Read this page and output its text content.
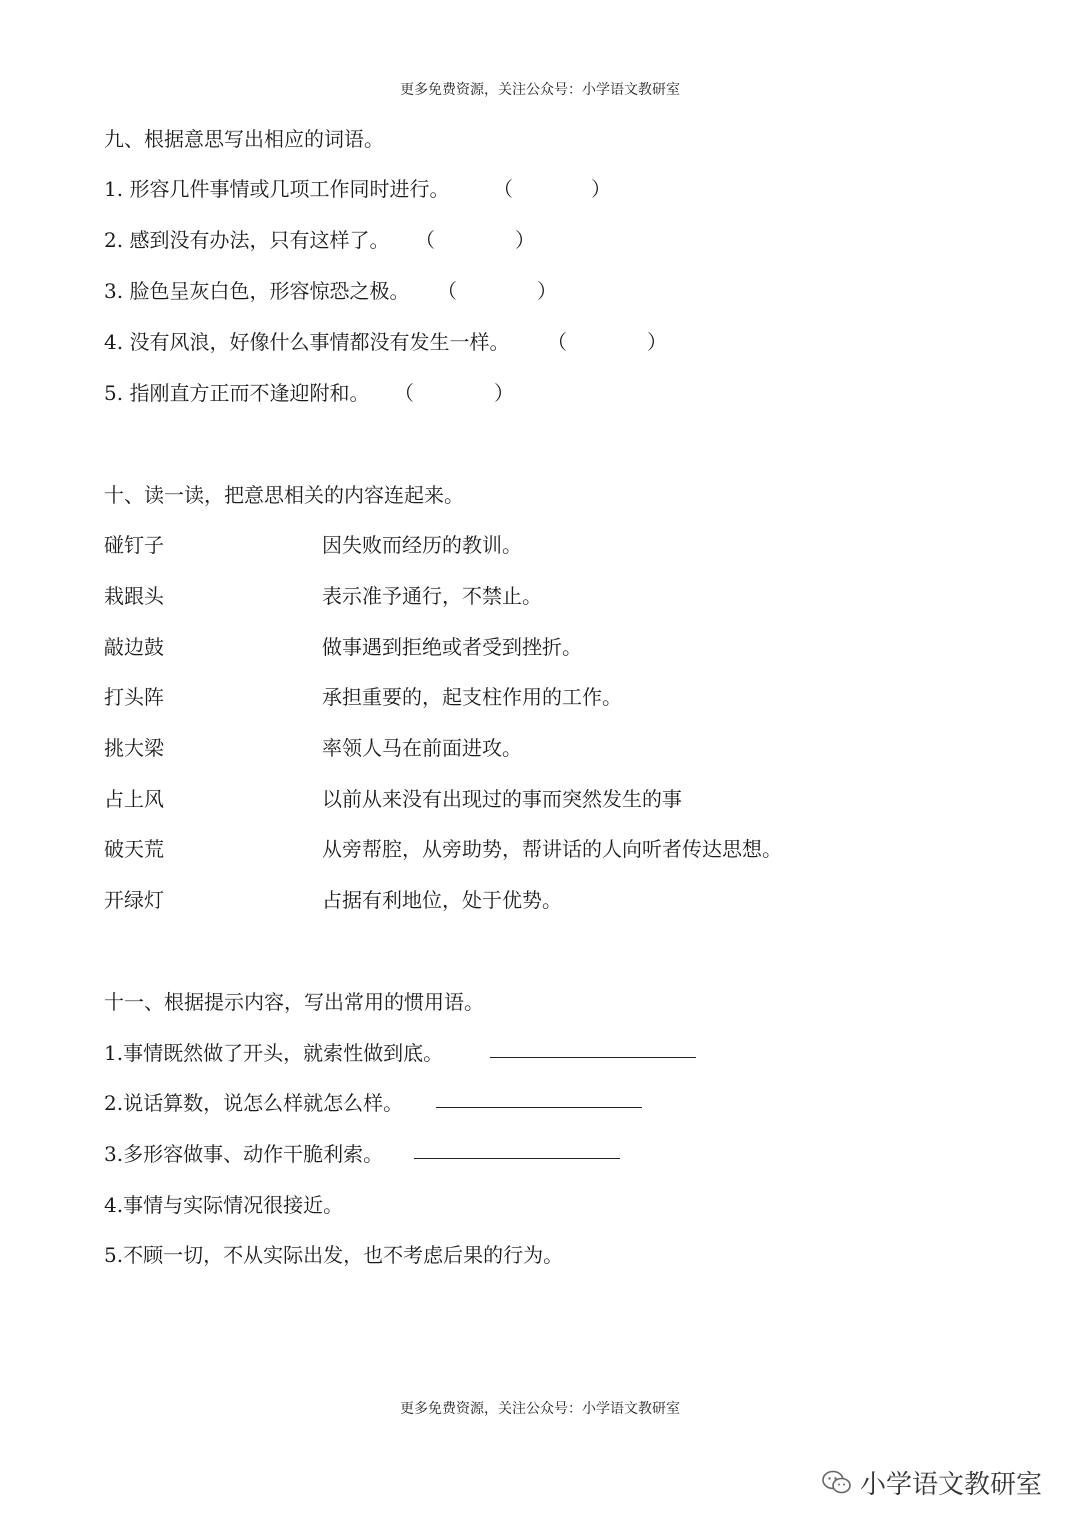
更多免费资源，关注公众号：小学语文教研室
九、根据意思写出相应的词语。
1. 形容几件事情或几项工作同时进行。 （	）
2. 感到没有办法，只有这样了。 （	）
3. 脸色呈灰白色，形容惊恐之极。 （	）
4. 没有风浪，好像什么事情都没有发生一样。 （	）
5. 指刚直方正而不逢迎附和。 （	）
十、读一读，把意思相关的内容连起来。
碰钉子	因失败而经历的教训。
栽跟头	表示准予通行，不禁止。
敲边鼓	做事遇到拒绝或者受到挫折。
打头阵	承担重要的，起支柱作用的工作。
挑大梁	率领人马在前面进攻。
占上风	以前从来没有出现过的事而突然发生的事
破天荒	从旁帮腔，从旁助势，帮讲话的人向听者传达思想。
开绿灯	占据有利地位，处于优势。
十一、根据提示内容，写出常用的惯用语。
1.事情既然做了开头，就索性做到底。
2.说话算数，说怎么样就怎么样。
3.多形容做事、动作干脆利索。
4.事情与实际情况很接近。
5.不顾一切，不从实际出发，也不考虑后果的行为。
更多免费资源，关注公众号：小学语文教研室
小学语文教研室
